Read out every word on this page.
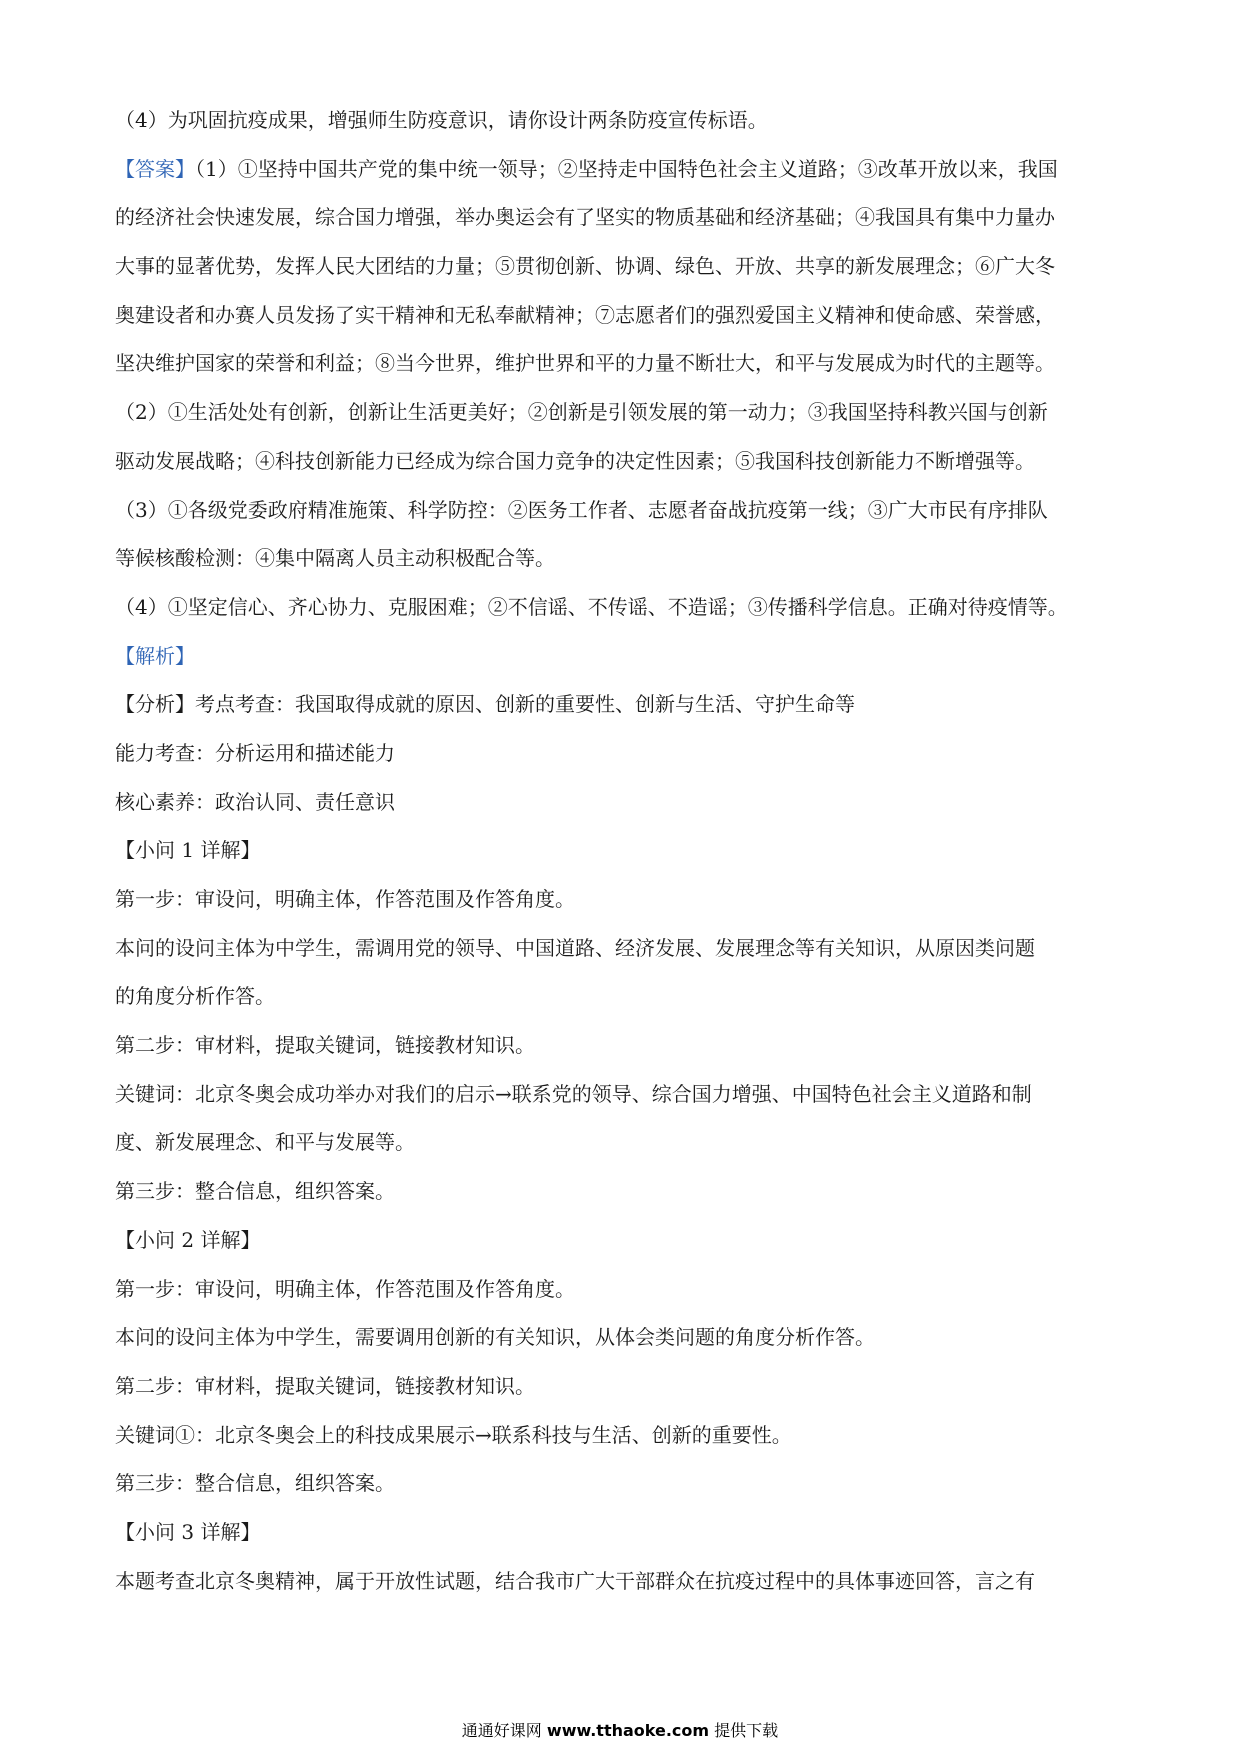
（4）为巩固抗疫成果，增强师生防疫意识，请你设计两条防疫宣传标语。
【答案】（1）①坚持中国共产党的集中统一领导；②坚持走中国特色社会主义道路；③改革开放以来，我国
的经济社会快速发展，综合国力增强，举办奥运会有了坚实的物质基础和经济基础；④我国具有集中力量办
大事的显著优势，发挥人民大团结的力量；⑤贯彻创新、协调、绿色、开放、共享的新发展理念；⑥广大冬
奥建设者和办赛人员发扬了实干精神和无私奉献精神；⑦志愿者们的强烈爱国主义精神和使命感、荣誉感，
坚决维护国家的荣誉和利益；⑧当今世界，维护世界和平的力量不断壮大，和平与发展成为时代的主题等。
（2）①生活处处有创新，创新让生活更美好；②创新是引领发展的第一动力；③我国坚持科教兴国与创新
驱动发展战略；④科技创新能力已经成为综合国力竞争的决定性因素；⑤我国科技创新能力不断增强等。
（3）①各级党委政府精准施策、科学防控：②医务工作者、志愿者奋战抗疫第一线；③广大市民有序排队
等候核酸检测：④集中隔离人员主动积极配合等。
（4）①坚定信心、齐心协力、克服困难；②不信谣、不传谣、不造谣；③传播科学信息。正确对待疫情等。
【解析】
【分析】考点考查：我国取得成就的原因、创新的重要性、创新与生活、守护生命等
能力考查：分析运用和描述能力
核心素养：政治认同、责任意识
【小问 1 详解】
第一步：审设问，明确主体，作答范围及作答角度。
本问的设问主体为中学生，需调用党的领导、中国道路、经济发展、发展理念等有关知识，从原因类问题
的角度分析作答。
第二步：审材料，提取关键词，链接教材知识。
关键词：北京冬奥会成功举办对我们的启示→联系党的领导、综合国力增强、中国特色社会主义道路和制
度、新发展理念、和平与发展等。
第三步：整合信息，组织答案。
【小问 2 详解】
第一步：审设问，明确主体，作答范围及作答角度。
本问的设问主体为中学生，需要调用创新的有关知识，从体会类问题的角度分析作答。
第二步：审材料，提取关键词，链接教材知识。
关键词①：北京冬奥会上的科技成果展示→联系科技与生活、创新的重要性。
第三步：整合信息，组织答案。
【小问 3 详解】
本题考查北京冬奥精神，属于开放性试题，结合我市广大干部群众在抗疫过程中的具体事迹回答，言之有
通通好课网 www.tthaoke.com 提供下载
